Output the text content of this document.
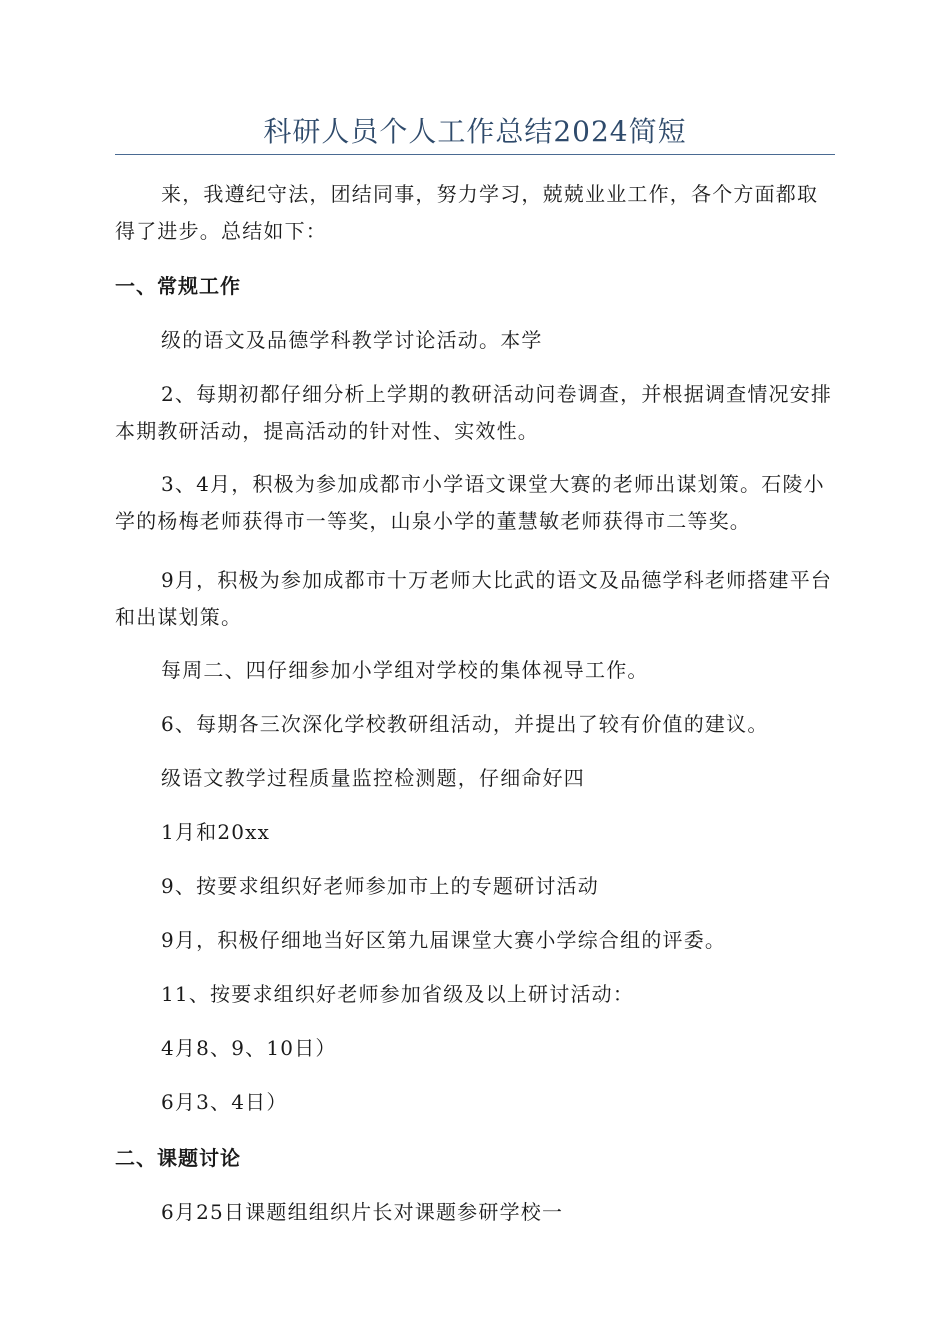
科研人员个人工作总结2024简短

来，我遵纪守法，团结同事，努力学习，兢兢业业工作，各个方面都取得了进步。总结如下：

一、常规工作

级的语文及品德学科教学讨论活动。本学

2、每期初都仔细分析上学期的教研活动问卷调查，并根据调查情况安排本期教研活动，提高活动的针对性、实效性。

3、4月，积极为参加成都市小学语文课堂大赛的老师出谋划策。石陵小学的杨梅老师获得市一等奖，山泉小学的董慧敏老师获得市二等奖。

9月，积极为参加成都市十万老师大比武的语文及品德学科老师搭建平台和出谋划策。

每周二、四仔细参加小学组对学校的集体视导工作。

6、每期各三次深化学校教研组活动，并提出了较有价值的建议。

级语文教学过程质量监控检测题，仔细命好四

1月和20xx

9、按要求组织好老师参加市上的专题研讨活动

9月，积极仔细地当好区第九届课堂大赛小学综合组的评委。

11、按要求组织好老师参加省级及以上研讨活动：

4月8、9、10日）

6月3、4日）

二、课题讨论

6月25日课题组组织片长对课题参研学校一
